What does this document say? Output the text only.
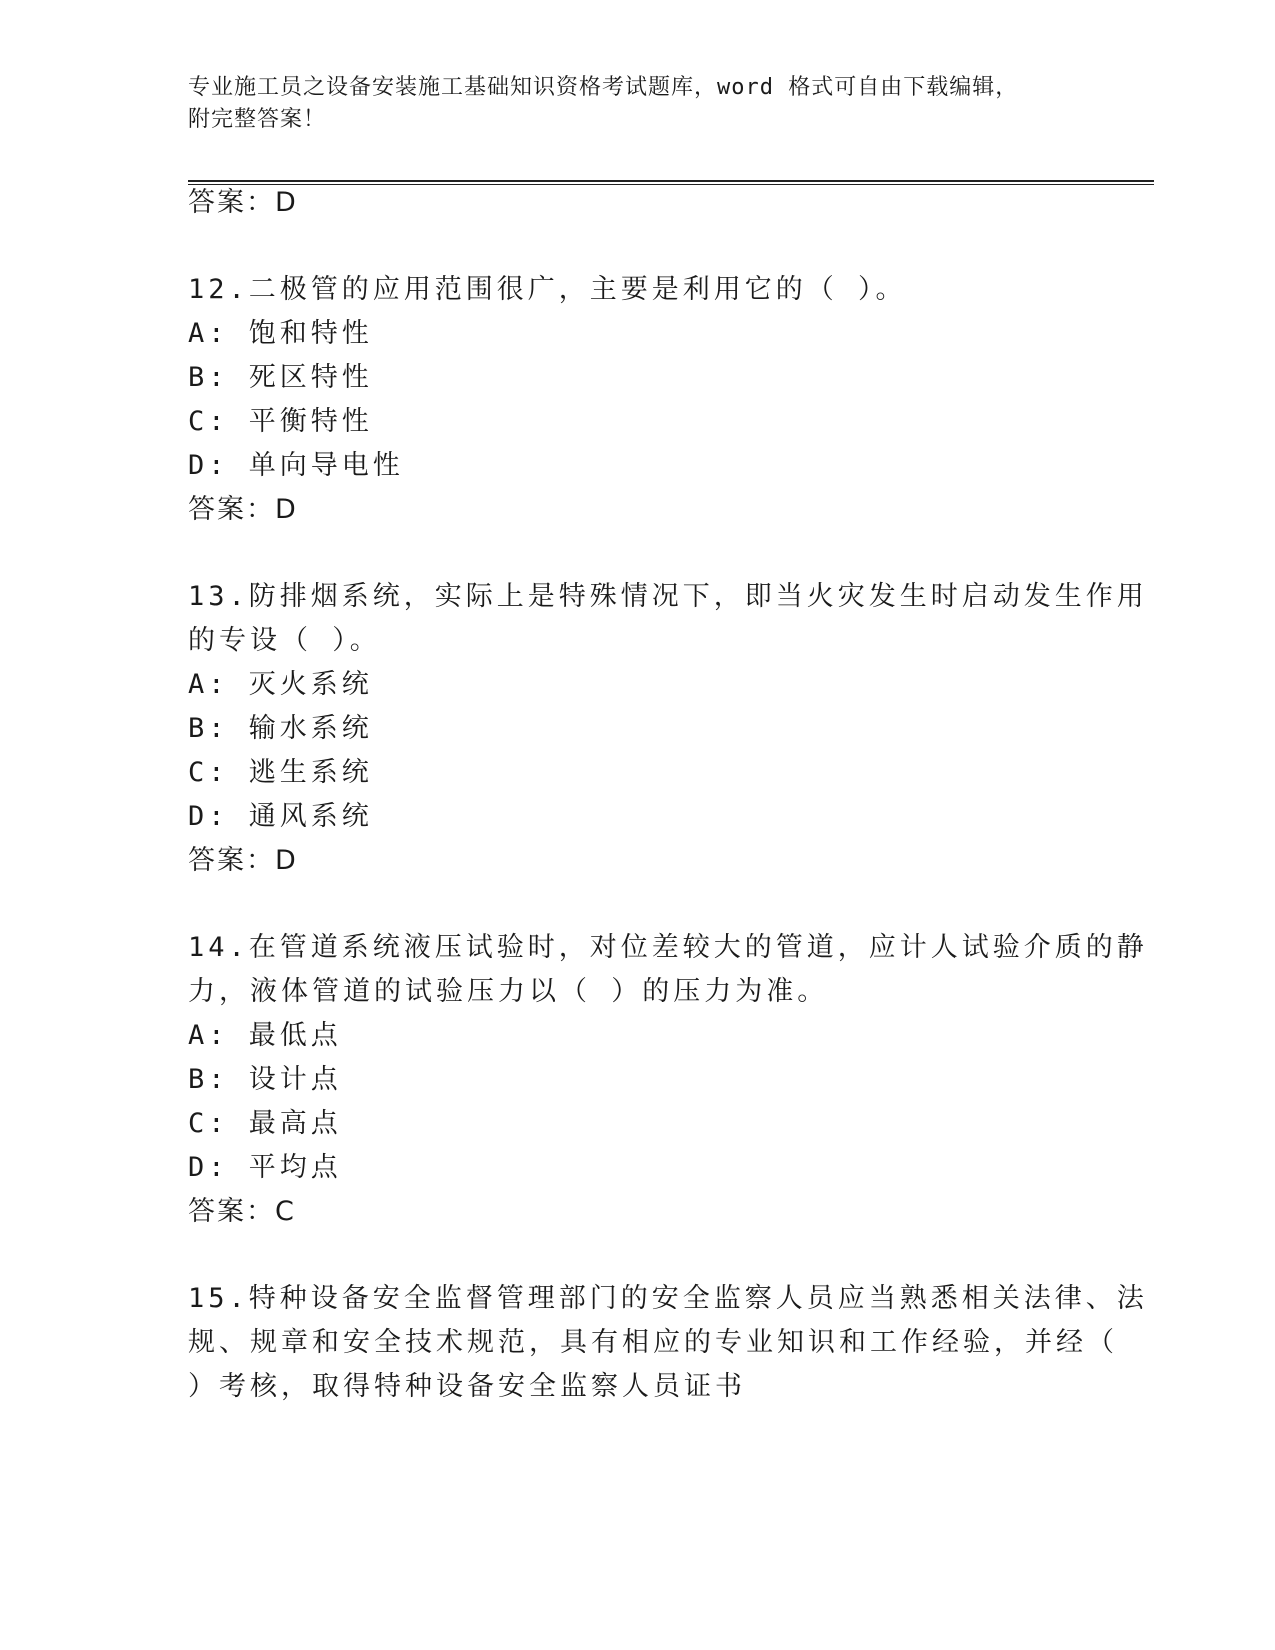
专业施工员之设备安装施工基础知识资格考试题库，word 格式可自由下载编辑，
附完整答案！
答案：D
12.二极管的应用范围很广，主要是利用它的（ ）。
A: 饱和特性
B: 死区特性
C: 平衡特性
D: 单向导电性
答案：D
13.防排烟系统，实际上是特殊情况下，即当火灾发生时启动发生作用
的专设（ ）。
A: 灭火系统
B: 输水系统
C: 逃生系统
D: 通风系统
答案：D
14.在管道系统液压试验时，对位差较大的管道，应计人试验介质的静
力，液体管道的试验压力以（ ）的压力为准。
A: 最低点
B: 设计点
C: 最高点
D: 平均点
答案：C
15.特种设备安全监督管理部门的安全监察人员应当熟悉相关法律、法
规、规章和安全技术规范，具有相应的专业知识和工作经验，并经（
）考核，取得特种设备安全监察人员证书
